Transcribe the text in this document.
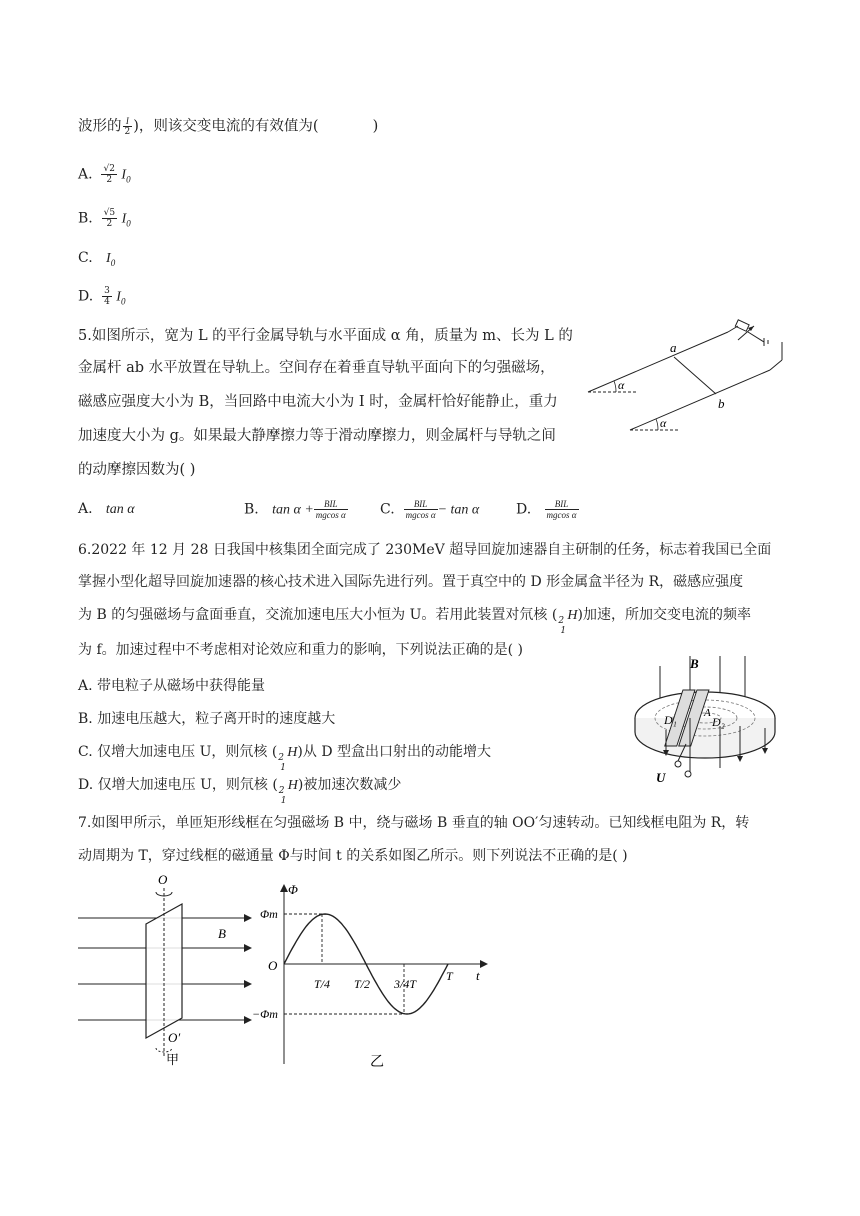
波形的 $\frac{I}{2}$ )，则该交变电流的有效值为(	)
A. $\frac{√2}{2} I_0$
B. $\frac{√5}{2} I_0$
C. $I_0$
D. $\frac{3}{4} I_0$
5.如图所示，宽为 L 的平行金属导轨与水平面成 α 角，质量为 m、长为 L 的
金属杆 ab 水平放置在导轨上。空间存在着垂直导轨平面向下的匀强磁场，
磁感应强度大小为 B，当回路中电流大小为 I 时，金属杆恰好能静止，重力
加速度大小为 g。如果最大静摩擦力等于滑动摩擦力，则金属杆与导轨之间
的动摩擦因数为( )
a
b
α
α
A. tan α	B. $\tan \alpha + \frac{\text{BIL}}{\text{mgcos α}} C$. $\frac{\text{BIL}}{\text{mgcos α}} - \tan \alpha$	D. $\frac{\text{BIL}}{\text{mgcos α}}$
6.2022 年 12 月 28 日我国中核集团全面完成了 230MeV 超导回旋加速器自主研制的任务，标志着我国已全面
掌握小型化超导回旋加速器的核心技术进入国际先进行列。置于真空中的 D 形金属盒半径为 R，磁感应强度
为 B 的匀强磁场与盒面垂直，交流加速电压大小恒为 U。若用此装置对氘核 ( 2
1
H)加速，所加交变电流的频率
为 f。加速过程中不考虑相对论效应和重力的影响，下列说法正确的是( )
A. 带电粒子从磁场中获得能量
B. 加速电压越大，粒子离开时的速度越大
C. 仅增大加速电压 U，则氘核 ( 2
1
H)从 D 型盒出口射出的动能增大
D. 仅增大加速电压 U，则氘核 ( 2
1
H)被加速次数减少
B
A
D₁	D₂
U
7.如图甲所示，单匝矩形线框在匀强磁场 B 中，绕与磁场 B 垂直的轴 OO′匀速转动。已知线框电阻为 R，转
动周期为 T，穿过线框的磁通量 Φ与时间 t 的关系如图乙所示。则下列说法不正确的是( )
O
O′
B
甲
Φ
t
O
Φm
−Φm
T/4 T/2 3/4T
T
乙
